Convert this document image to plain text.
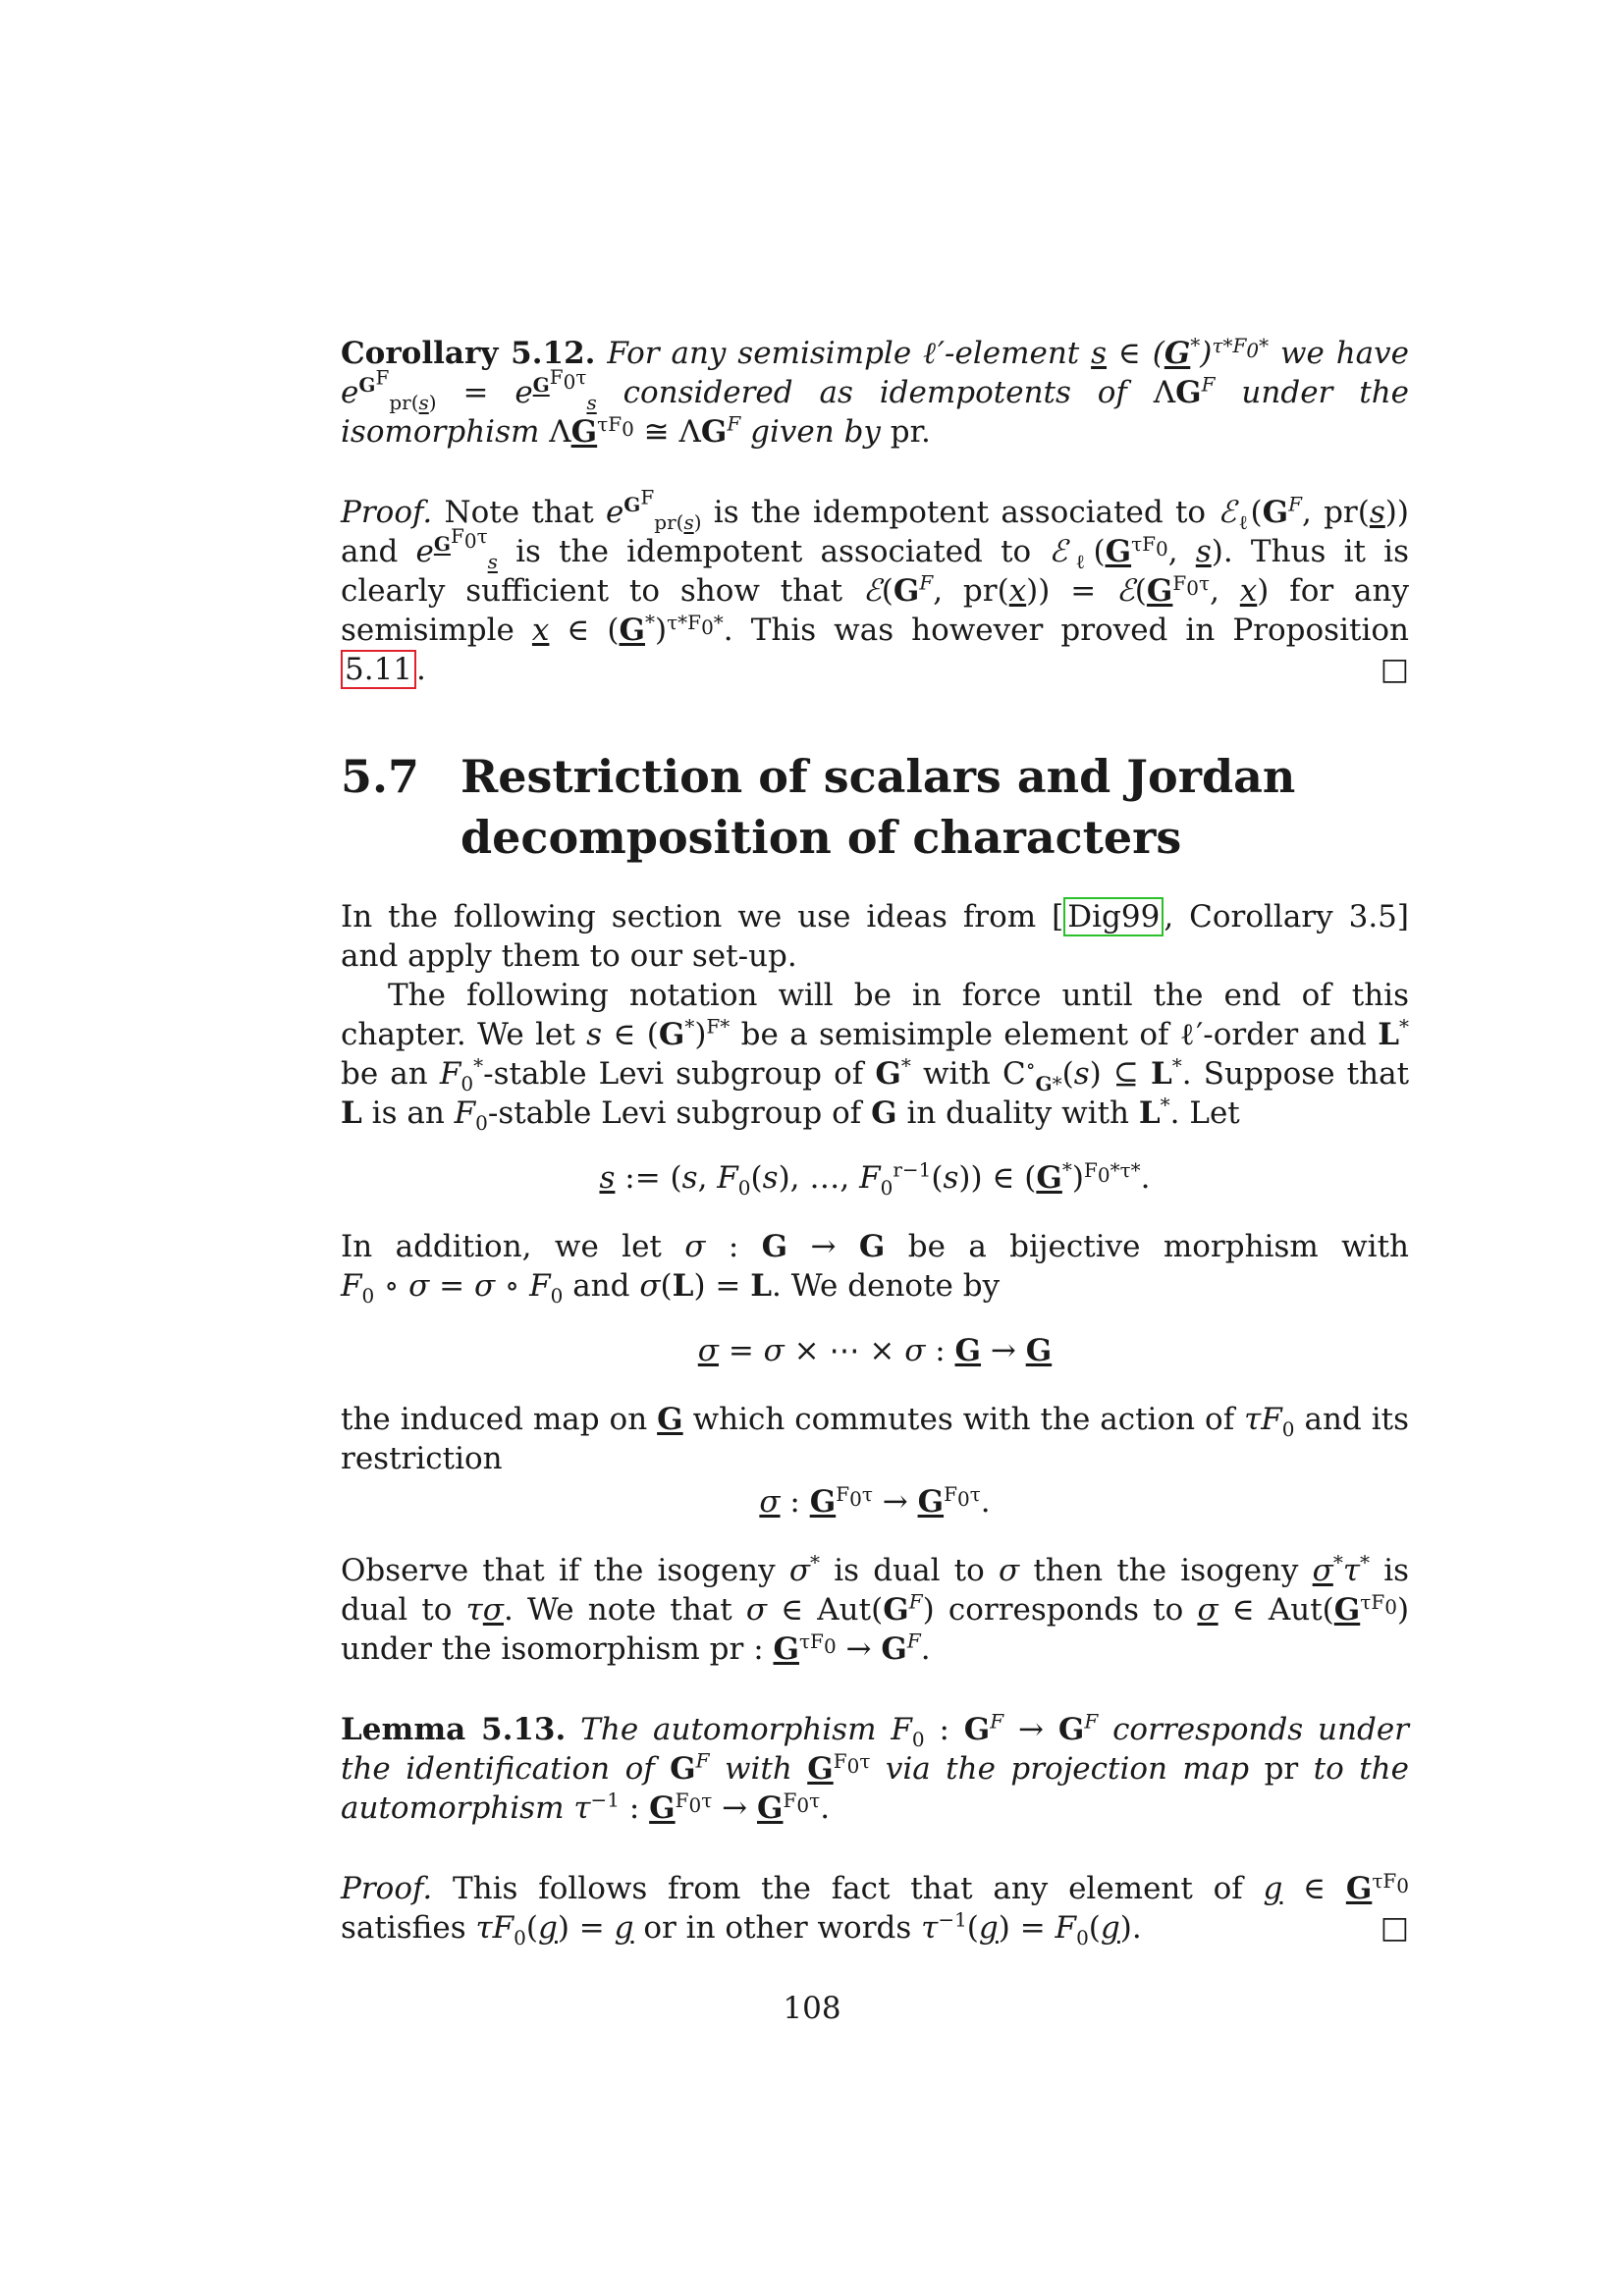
Corollary 5.12. For any semisimple ℓ′-element s ∈ $(G^*)^{\tau*F_0*}$ we have $e^{G^F}_{pr(s)} = e^{G^{F_0\tau}}_s$ considered as idempotents of $\Lambda G^F$ under the isomorphism $\Lambda G^{\tau F_0}$ ≅ $\Lambda G^F$ given by pr.
Proof. Note that $e^{G^F}_{pr(s)}$ is the idempotent associated to $ℰ_\ell(G^F$, pr(s)) and $e^{G^{F_0\tau}}_s$ is the idempotent associated to $ℰ_\ell(G^{\tau F_0}$, s). Thus it is clearly sufficient to show that $ℰ(G^F$, $pr(x)) = ℰ(G^{F_0\tau}$, x) for any semisimple x ∈ $(G^*)^{\tau*F_0*}$. This was however proved in Proposition 5.11 .	□
5.7 Restriction of scalars and Jordan decomposition of characters
In the following section we use ideas from [ Dig99 , Corollary 3.5] and apply them to our set-up.
The following notation will be in force until the end of this chapter. We let s ∈ $(G^*)^{F*}$ be a semisimple element of ℓ′-order and L* be an $F_0^*$-stable Levi subgroup of G* with $C^\circ_{G*}(s)$ ⊆ L*. Suppose that L is an $F_0$-stable Levi subgroup of G in duality with L*. Let
s := (s, $F_0(s)$, …, $F_0^{r-1}(s)$) ∈ $(G^*)^{F_0*\tau*}$.
In addition, we let σ : G → G be a bijective morphism with $F_0$ ∘ σ = σ ∘ $F_0$ and σ(L) = L. We denote by
σ = σ × ⋯ × σ : G → G
the induced map on G which commutes with the action of $\tau F_0$ and its restriction
σ : $G^{F_0\tau} \to G^{F_0\tau}$.
Observe that if the isogeny σ* is dual to σ then the isogeny σ*τ* is dual to τσ. We note that σ ∈ $Aut(G^F)$ corresponds to σ ∈ $Aut(G^{\tau F_0})$ under the isomorphism pr : $G^{\tau F_0} \to G^F$.
Lemma 5.13. The automorphism $F_0$ : $G^F \to G^F$ corresponds under the identification of $G^F$ with $G^{F_0\tau}$ via the projection map pr to the automorphism $\tau^{-1}$ : $G^{F_0\tau} \to G^{F_0\tau}$.
Proof. This follows from the fact that any element of g ∈ $G^{\tau F_0}$ satisfies $\tau F_0(g) = g$ or in other words $\tau^{-1}(g) = F_0(g)$.	□
108
